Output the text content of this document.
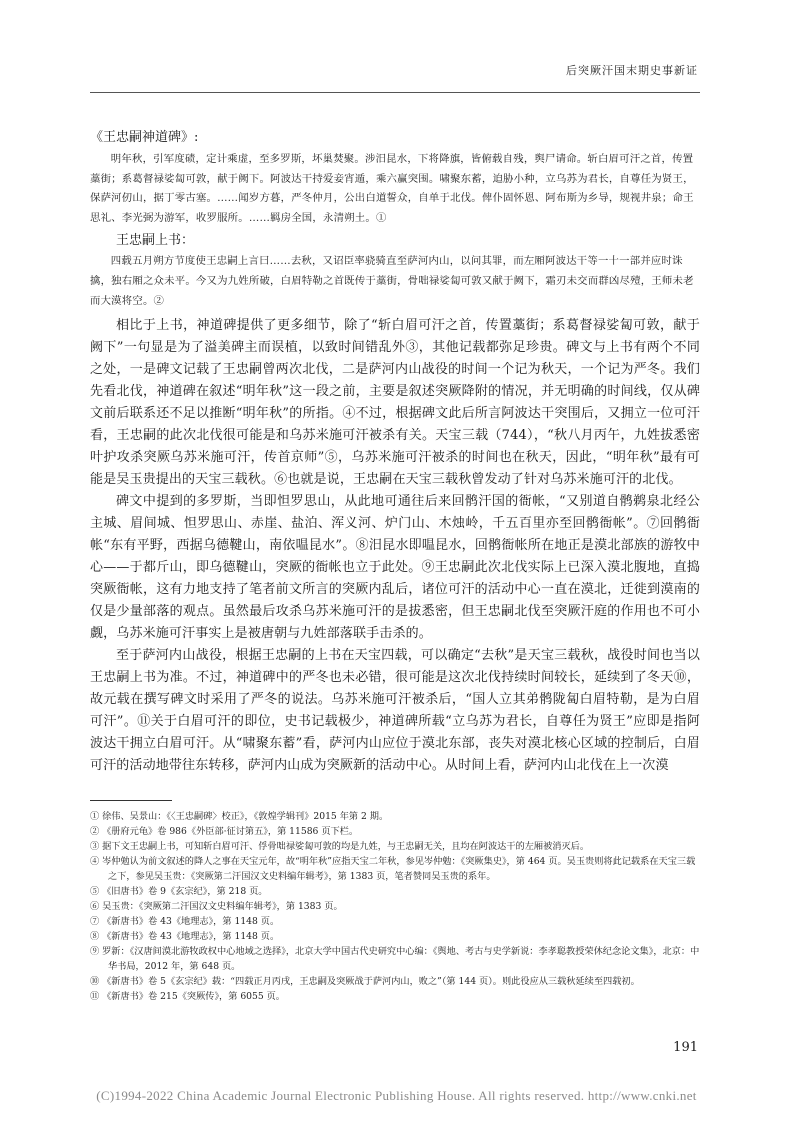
后突厥汗国末期史事新证

《王忠嗣神道碑》:

明年秋，引军度碛，定计乘虚，至多罗斯，坏巢焚聚。涉汨昆水，下将降旗，皆俯载自残，舆尸请命。斩白眉可汗之首，传置藁街；系葛督禄娑匐可敦，献于阙下。阿波达干持爱妾宵遁，乘六赢突围。啸聚东蓄，迫胁小种，立乌苏为君长，自尊任为贤王，保萨河仞山，据丁零古塞。……闻岁方暮，严冬仲月，公出白道誓众，自单于北伐。俾仆固怀恩、阿布斯为乡导，规视井泉；命王思礼、李光弼为游军，收罗服所。……羁房全国，永清朔土。①

王忠嗣上书：

四载五月朔方节度使王忠嗣上言曰……去秋，又诏臣率骁骑直至萨河内山，以问其罪，而左厢阿波达干等一十一部并应时诛擒，独右厢之众未平。今又为九姓所破，白眉特勒之首既传于藁街，骨咄禄娑匐可敦又献于阙下，霜刃未交而群凶尽殪，王师未老而大漠将空。②

相比于上书，神道碑提供了更多细节，除了“斩白眉可汗之首，传置藁街；系葛督禄娑匐可敦，献于阙下”一句显是为了溢美碑主而误植，以致时间错乱外③，其他记载都弥足珍贵。碑文与上书有两个不同之处，一是碑文记载了王忠嗣曾两次北伐，二是萨河内山战役的时间一个记为秋天，一个记为严冬。我们先看北伐，神道碑在叙述“明年秋”这一段之前，主要是叙述突厥降附的情况，并无明确的时间线，仅从碑文前后联系还不足以推断“明年秋”的所指。④不过，根据碑文此后所言阿波达干突围后，又拥立一位可汗看，王忠嗣的此次北伐很可能是和乌苏米施可汗被杀有关。天宝三载（744），“秋八月丙午，九姓拔悉密叶护攻杀突厥乌苏米施可汗，传首京师”⑤，乌苏米施可汗被杀的时间也在秋天，因此，“明年秋”最有可能是吴玉贵提出的天宝三载秋。⑥也就是说，王忠嗣在天宝三载秋曾发动了针对乌苏米施可汗的北伐。

碑文中提到的多罗斯，当即怛罗思山，从此地可通往后来回鹘汗国的衙帐，“又别道自鹘鹈泉北经公主城、眉间城、怛罗思山、赤崖、盐泊、浑义河、炉门山、木烛岭，千五百里亦至回鹘衙帐”。⑦回鹘衙帐“东有平野，西据乌德鞬山，南依嗢昆水”。⑧汨昆水即嗢昆水，回鹘衙帐所在地正是漠北部族的游牧中心——于都斤山，即乌德鞬山，突厥的衙帐也立于此处。⑨王忠嗣此次北伐实际上已深入漠北腹地，直捣突厥衙帐，这有力地支持了笔者前文所言的突厥内乱后，诸位可汗的活动中心一直在漠北，迁徙到漠南的仅是少量部落的观点。虽然最后攻杀乌苏米施可汗的是拔悉密，但王忠嗣北伐至突厥汗庭的作用也不可小觑，乌苏米施可汗事实上是被唐朝与九姓部落联手击杀的。

至于萨河内山战役，根据王忠嗣的上书在天宝四载，可以确定“去秋”是天宝三载秋，战役时间也当以王忠嗣上书为准。不过，神道碑中的严冬也未必错，很可能是这次北伐持续时间较长，延续到了冬天⑩，故元载在撰写碑文时采用了严冬的说法。乌苏米施可汗被杀后，“国人立其弟鹘陇匐白眉特勒，是为白眉可汗”。⑪关于白眉可汗的即位，史书记载极少，神道碑所载“立乌苏为君长，自尊任为贤王”应即是指阿波达干拥立白眉可汗。从“啸聚东蓄”看，萨河内山应位于漠北东部，丧失对漠北核心区域的控制后，白眉可汗的活动地带往东转移，萨河内山成为突厥新的活动中心。从时间上看，萨河内山北伐在上一次漠

① 徐伟、吴景山：《〈王忠嗣碑〉校正》，《敦煌学辑刊》2015 年第 2 期。

② 《册府元龟》卷 986《外臣部·征讨第五》，第 11586 页下栏。

③ 据下文王忠嗣上书，可知斩白眉可汗、俘骨咄禄娑匐可敦的均是九姓，与王忠嗣无关，且均在阿波达干的左厢被消灭后。

④ 岑仲勉认为前文叙述的降人之事在天宝元年，故“明年秋”应指天宝二年秋，参见岑仲勉：《突厥集史》，第 464 页。吴玉贵则将此记载系在天宝三载之下，参见吴玉贵：《突厥第二汗国汉文史料编年辑考》，第 1383 页，笔者赞同吴玉贵的系年。

⑤ 《旧唐书》卷 9《玄宗纪》，第 218 页。

⑥ 吴玉贵：《突厥第二汗国汉文史料编年辑考》，第 1383 页。

⑦ 《新唐书》卷 43《地理志》，第 1148 页。

⑧ 《新唐书》卷 43《地理志》，第 1148 页。

⑨ 罗新：《汉唐间漠北游牧政权中心地域之选择》，北京大学中国古代史研究中心编：《舆地、考古与史学新说：李孝聪教授荣休纪念论文集》，北京：中华书局，2012 年，第 648 页。

⑩ 《新唐书》卷 5《玄宗纪》载：“四载正月丙戌，王忠嗣及突厥战于萨河内山，败之”（第 144 页）。则此役应从三载秋延续至四载初。

⑪ 《新唐书》卷 215《突厥传》，第 6055 页。

191
(C)1994-2022 China Academic Journal Electronic Publishing House. All rights reserved. http://www.cnki.net
